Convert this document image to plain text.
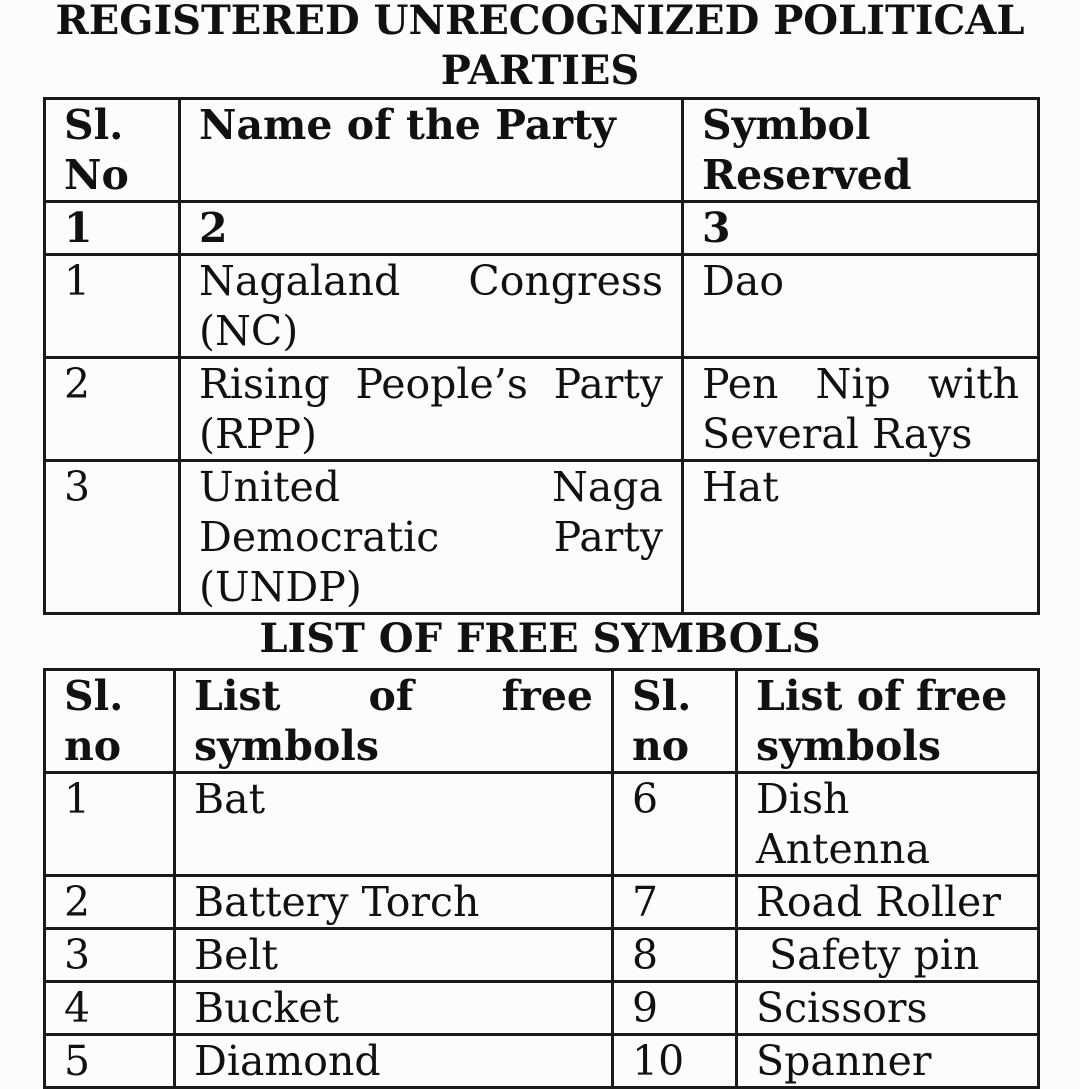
REGISTERED UNRECOGNIZED POLITICAL PARTIES
Sl. No	Name of the Party	Symbol Reserved
1	2	3
1	Nagaland Congress (NC)	Dao
2	Rising People’s Party (RPP)	Pen Nip with Several Rays
3	United Naga Democratic Party (UNDP)	Hat
LIST OF FREE SYMBOLS
Sl. no	List of free symbols	Sl. no	List of free symbols
1	Bat	6	Dish Antenna
2	Battery Torch	7	Road Roller
3	Belt	8	Safety pin
4	Bucket	9	Scissors
5	Diamond	10	Spanner
